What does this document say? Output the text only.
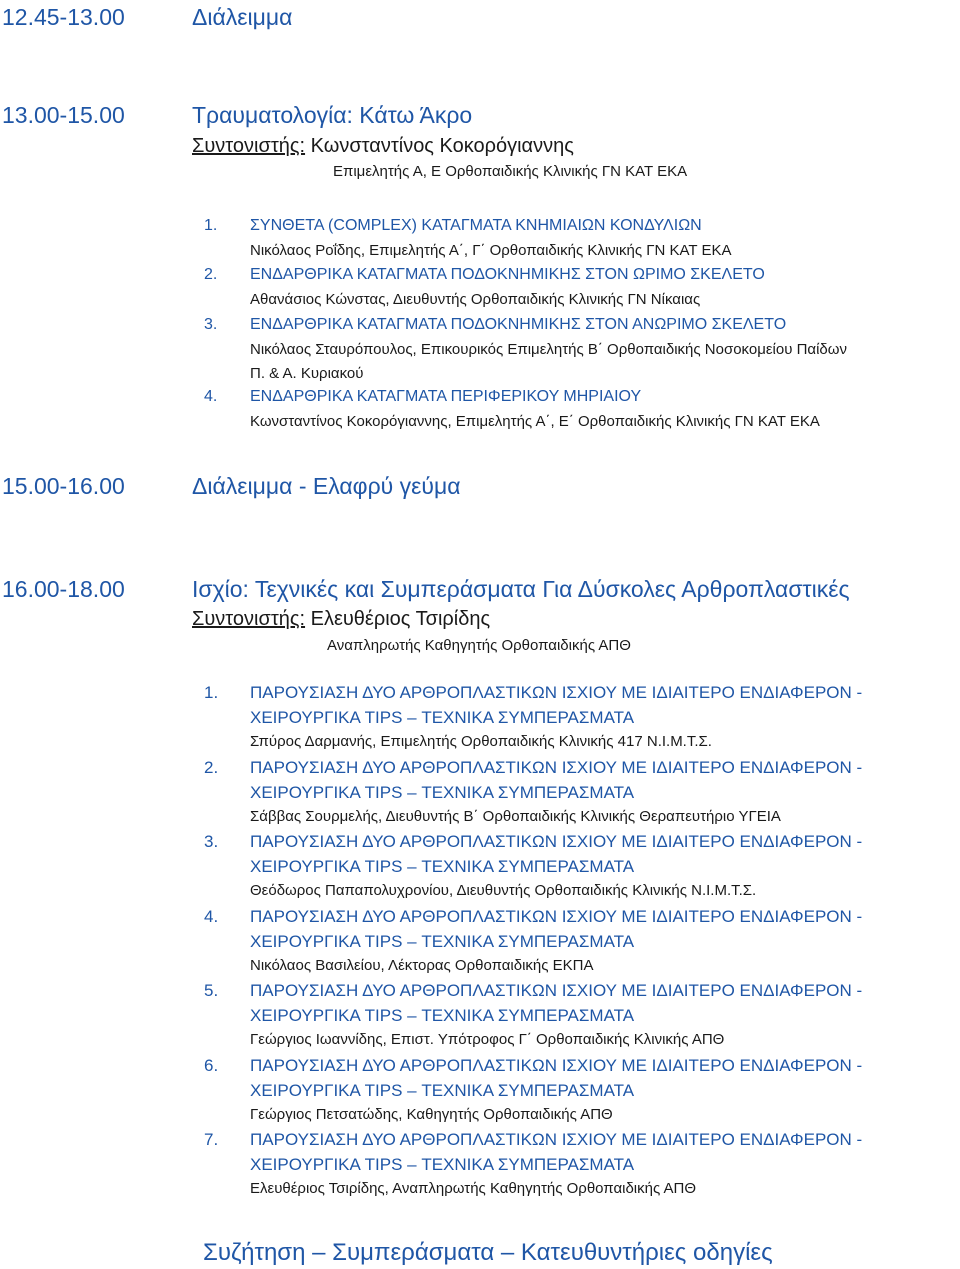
12.45-13.00	Διάλειμμα
13.00-15.00	Τραυματολογία: Κάτω Άκρο
Συντονιστής: Κωνσταντίνος Κοκορόγιαννης
Επιμελητής Α, Ε Ορθοπαιδικής Κλινικής ΓΝ ΚΑΤ ΕΚΑ
1. ΣΥΝΘΕΤΑ (COMPLEX) ΚΑΤΑΓΜΑΤΑ ΚΝΗΜΙΑΙΩΝ ΚΟΝΔΥΛΙΩΝ
Νικόλαος Ροΐδης, Επιμελητής Α΄, Γ΄ Ορθοπαιδικής Κλινικής ΓΝ ΚΑΤ ΕΚΑ
2. ΕΝΔΑΡΘΡΙΚΑ ΚΑΤΑΓΜΑΤΑ ΠΟΔΟΚΝΗΜΙΚΗΣ ΣΤΟΝ ΩΡΙΜΟ ΣΚΕΛΕΤΟ
Αθανάσιος Κώνστας, Διευθυντής Ορθοπαιδικής Κλινικής ΓΝ Νίκαιας
3. ΕΝΔΑΡΘΡΙΚΑ ΚΑΤΑΓΜΑΤΑ ΠΟΔΟΚΝΗΜΙΚΗΣ ΣΤΟΝ ΑΝΩΡΙΜΟ ΣΚΕΛΕΤΟ
Νικόλαος Σταυρόπουλος, Επικουρικός Επιμελητής Β΄ Ορθοπαιδικής Νοσοκομείου Παίδων
Π. & Α. Κυριακού
4. ΕΝΔΑΡΘΡΙΚΑ ΚΑΤΑΓΜΑΤΑ ΠΕΡΙΦΕΡΙΚΟΥ ΜΗΡΙΑΙΟΥ
Κωνσταντίνος Κοκορόγιαννης, Επιμελητής Α΄, Ε΄ Ορθοπαιδικής Κλινικής ΓΝ ΚΑΤ ΕΚΑ
15.00-16.00	Διάλειμμα - Ελαφρύ γεύμα
16.00-18.00	Ισχίο: Τεχνικές και Συμπεράσματα Για Δύσκολες Αρθροπλαστικές
Συντονιστής: Ελευθέριος Τσιρίδης
Αναπληρωτής Καθηγητής Ορθοπαιδικής ΑΠΘ
1. ΠΑΡΟΥΣΙΑΣΗ ΔΥΟ ΑΡΘΡΟΠΛΑΣΤΙΚΩΝ ΙΣΧΙΟΥ ΜΕ ΙΔΙΑΙΤΕΡΟ ΕΝΔΙΑΦΕΡΟΝ -
ΧΕΙΡΟΥΡΓΙΚΑ TIPS – ΤΕΧΝΙΚΑ ΣΥΜΠΕΡΑΣΜΑΤΑ
Σπύρος Δαρμανής, Επιμελητής Ορθοπαιδικής Κλινικής 417 Ν.Ι.Μ.Τ.Σ.
2. ΠΑΡΟΥΣΙΑΣΗ ΔΥΟ ΑΡΘΡΟΠΛΑΣΤΙΚΩΝ ΙΣΧΙΟΥ ΜΕ ΙΔΙΑΙΤΕΡΟ ΕΝΔΙΑΦΕΡΟΝ -
ΧΕΙΡΟΥΡΓΙΚΑ TIPS – ΤΕΧΝΙΚΑ ΣΥΜΠΕΡΑΣΜΑΤΑ
Σάββας Σουρμελής, Διευθυντής Β΄ Ορθοπαιδικής Κλινικής Θεραπευτήριο ΥΓΕΙΑ
3. ΠΑΡΟΥΣΙΑΣΗ ΔΥΟ ΑΡΘΡΟΠΛΑΣΤΙΚΩΝ ΙΣΧΙΟΥ ΜΕ ΙΔΙΑΙΤΕΡΟ ΕΝΔΙΑΦΕΡΟΝ -
ΧΕΙΡΟΥΡΓΙΚΑ TIPS – ΤΕΧΝΙΚΑ ΣΥΜΠΕΡΑΣΜΑΤΑ
Θεόδωρος Παπαπολυχρονίου, Διευθυντής Ορθοπαιδικής Κλινικής Ν.Ι.Μ.Τ.Σ.
4. ΠΑΡΟΥΣΙΑΣΗ ΔΥΟ ΑΡΘΡΟΠΛΑΣΤΙΚΩΝ ΙΣΧΙΟΥ ΜΕ ΙΔΙΑΙΤΕΡΟ ΕΝΔΙΑΦΕΡΟΝ -
ΧΕΙΡΟΥΡΓΙΚΑ TIPS – ΤΕΧΝΙΚΑ ΣΥΜΠΕΡΑΣΜΑΤΑ
Νικόλαος Βασιλείου, Λέκτορας Ορθοπαιδικής ΕΚΠΑ
5. ΠΑΡΟΥΣΙΑΣΗ ΔΥΟ ΑΡΘΡΟΠΛΑΣΤΙΚΩΝ ΙΣΧΙΟΥ ΜΕ ΙΔΙΑΙΤΕΡΟ ΕΝΔΙΑΦΕΡΟΝ -
ΧΕΙΡΟΥΡΓΙΚΑ TIPS – ΤΕΧΝΙΚΑ ΣΥΜΠΕΡΑΣΜΑΤΑ
Γεώργιος Ιωαννίδης, Επιστ. Υπότροφος Γ΄ Ορθοπαιδικής Κλινικής ΑΠΘ
6. ΠΑΡΟΥΣΙΑΣΗ ΔΥΟ ΑΡΘΡΟΠΛΑΣΤΙΚΩΝ ΙΣΧΙΟΥ ΜΕ ΙΔΙΑΙΤΕΡΟ ΕΝΔΙΑΦΕΡΟΝ -
ΧΕΙΡΟΥΡΓΙΚΑ TIPS – ΤΕΧΝΙΚΑ ΣΥΜΠΕΡΑΣΜΑΤΑ
Γεώργιος Πετσατώδης, Καθηγητής Ορθοπαιδικής ΑΠΘ
7. ΠΑΡΟΥΣΙΑΣΗ ΔΥΟ ΑΡΘΡΟΠΛΑΣΤΙΚΩΝ ΙΣΧΙΟΥ ΜΕ ΙΔΙΑΙΤΕΡΟ ΕΝΔΙΑΦΕΡΟΝ -
ΧΕΙΡΟΥΡΓΙΚΑ TIPS – ΤΕΧΝΙΚΑ ΣΥΜΠΕΡΑΣΜΑΤΑ
Ελευθέριος Τσιρίδης, Αναπληρωτής Καθηγητής Ορθοπαιδικής ΑΠΘ
Συζήτηση – Συμπεράσματα – Κατευθυντήριες οδηγίες
